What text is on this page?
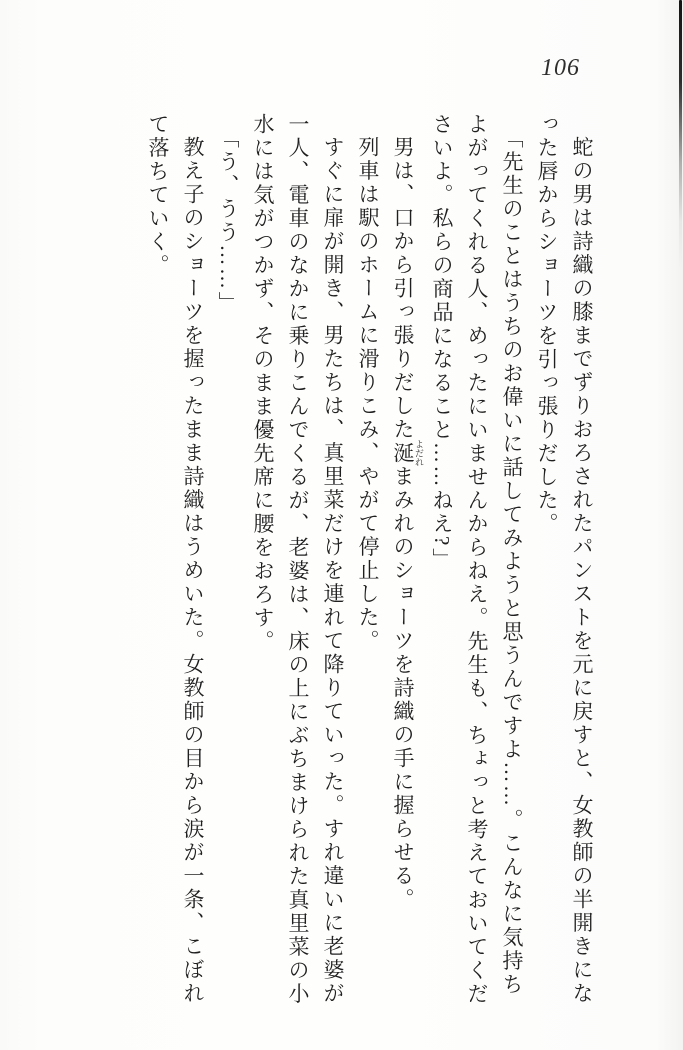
106

蛇の男は詩織の膝までずりおろされたパンストを元に戻すと、女教師の半開きになった唇からショーツを引っ張りだした。

「先生のことはうちのお偉いに話してみようと思うんですよ……。こんなに気持ちよがってくれる人、めったにいませんからねえ。先生も、ちょっと考えておいてくださいよ。私らの商品になること……ねえ?」

男は、口から引っ張りだした涎 よだれまみれのショーツを詩織の手に握らせる。

列車は駅のホームに滑りこみ、やがて停止した。

すぐに扉が開き、男たちは、真里菜だけを連れて降りていった。すれ違いに老婆が一人、電車のなかに乗りこんでくるが、老婆は、床の上にぶちまけられた真里菜の小水には気がつかず、そのまま優先席に腰をおろす。

「う、うう……」

教え子のショーツを握ったまま詩織はうめいた。女教師の目から涙が一条、こぼれて落ちていく。
